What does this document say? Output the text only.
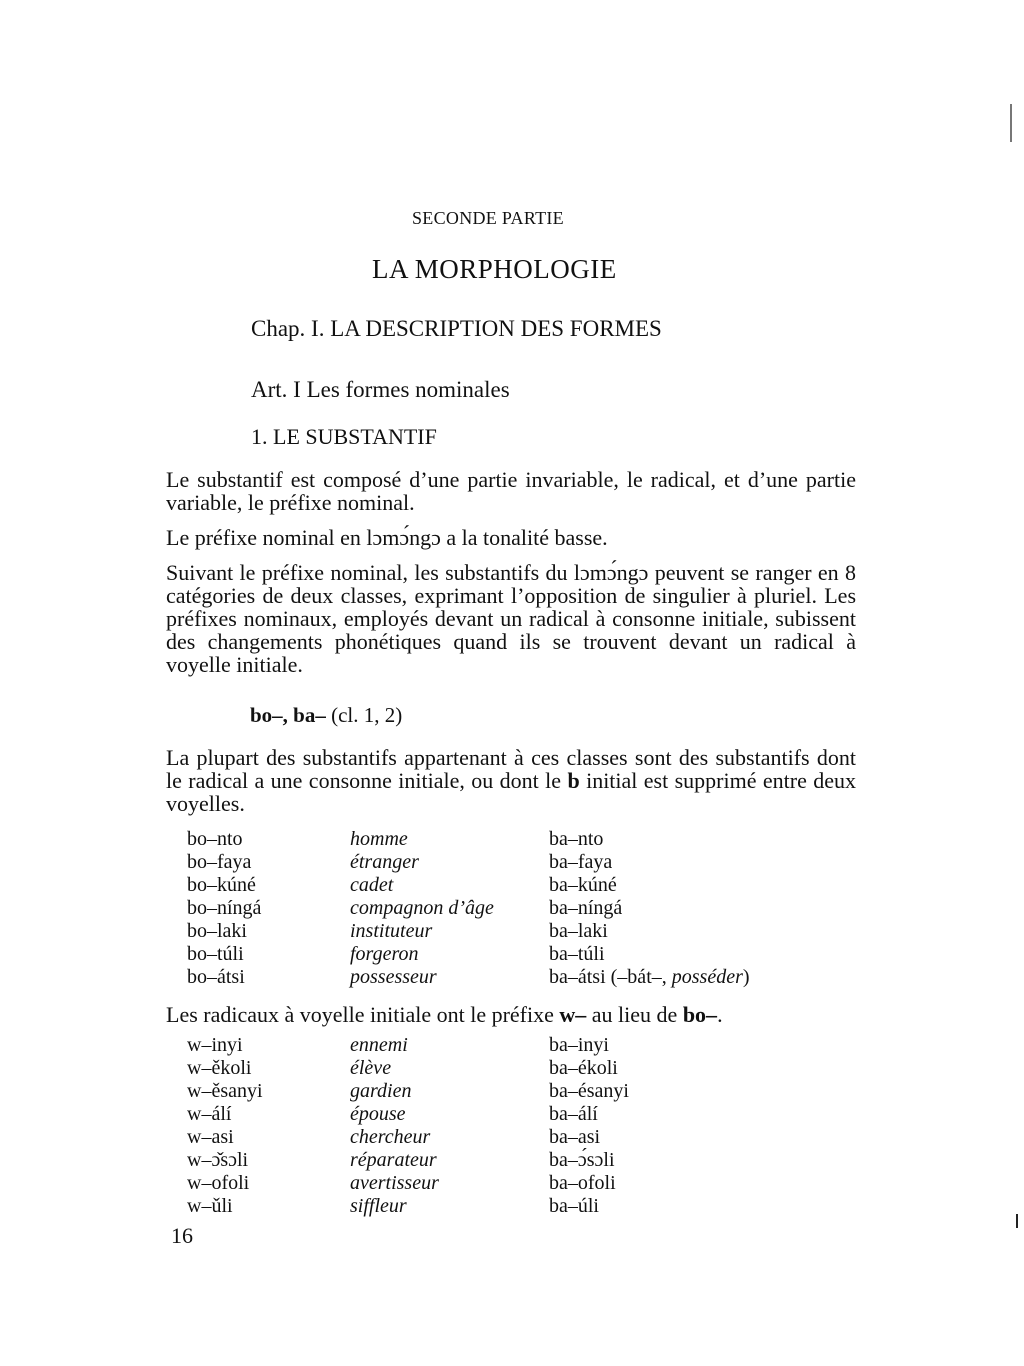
SECONDE PARTIE
LA MORPHOLOGIE
Chap. I. LA DESCRIPTION DES FORMES
Art. I Les formes nominales
1. LE SUBSTANTIF
Le substantif est composé d’une partie invariable, le radical, et d’une partie variable, le préfixe nominal.
Le préfixe nominal en lɔmɔ́ngɔ a la tonalité basse.
Suivant le préfixe nominal, les substantifs du lɔmɔ́ngɔ peuvent se ranger en 8 catégories de deux classes, exprimant l’opposition de singulier à pluriel. Les préfixes nominaux, employés devant un radical à consonne initiale, subissent des changements phonétiques quand ils se trouvent devant un radical à voyelle initiale.
bo–, ba– (cl. 1, 2)
La plupart des substantifs appartenant à ces classes sont des substantifs dont le radical a une consonne initiale, ou dont le b initial est supprimé entre deux voyelles.
bo–nto	homme	ba–nto
bo–faya	étranger	ba–faya
bo–kúné	cadet	ba–kúné
bo–níngá	compagnon d’âge	ba–níngá
bo–laki	instituteur	ba–laki
bo–túli	forgeron	ba–túli
bo–átsi	possesseur	ba–átsi (–bát–, posséder)
Les radicaux à voyelle initiale ont le préfixe w– au lieu de bo–.
w–inyi	ennemi	ba–inyi
w–ěkoli	élève	ba–ékoli
w–ěsanyi	gardien	ba–ésanyi
w–álí	épouse	ba–álí
w–asi	chercheur	ba–asi
w–ɔ̌sɔli	réparateur	ba–ɔ́sɔli
w–ofoli	avertisseur	ba–ofoli
w–ǔli	siffleur	ba–úli
16
